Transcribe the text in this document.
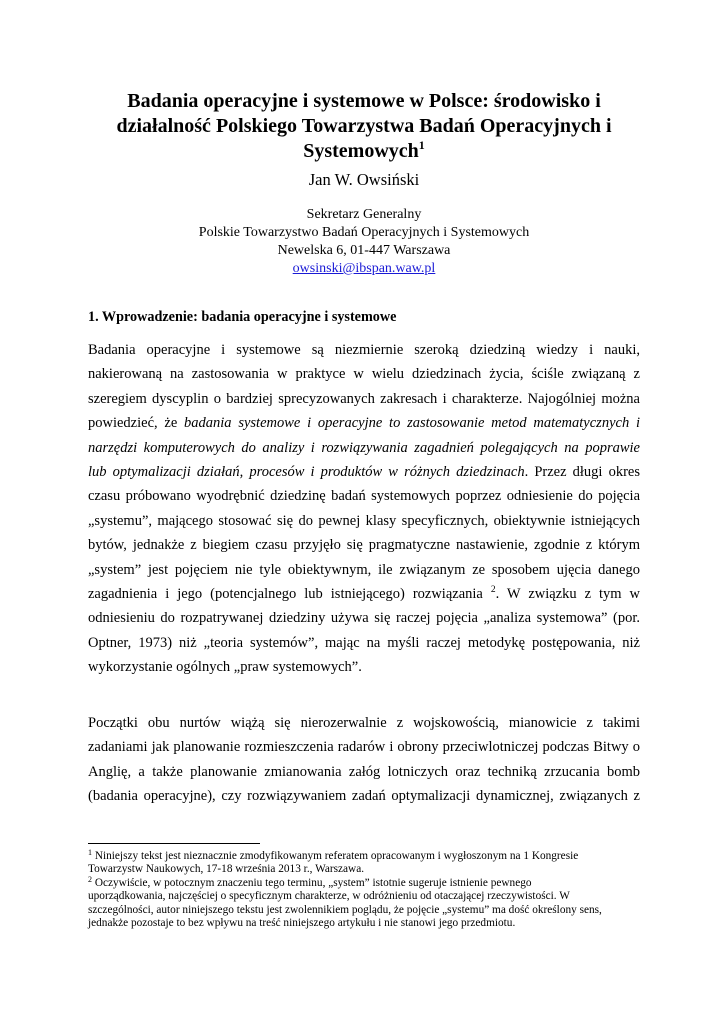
Badania operacyjne i systemowe w Polsce: środowisko i
działalność Polskiego Towarzystwa Badań Operacyjnych i
Systemowych$^1$
Jan W. Owsiński
Sekretarz Generalny
Polskie Towarzystwo Badań Operacyjnych i Systemowych
Newelska 6, 01-447 Warszawa
owsinski@ibspan.waw.pl
1. Wprowadzenie: badania operacyjne i systemowe
Badania operacyjne i systemowe są niezmiernie szeroką dziedziną wiedzy i nauki,
nakierowaną na zastosowania w praktyce w wielu dziedzinach życia, ściśle związaną z
szeregiem dyscyplin o bardziej sprecyzowanych zakresach i charakterze. Najogólniej można
powiedzieć, że badania systemowe i operacyjne to zastosowanie metod matematycznych i
narzędzi komputerowych do analizy i rozwiązywania zagadnień polegających na poprawie
lub optymalizacji działań, procesów i produktów w różnych dziedzinach. Przez długi okres
czasu próbowano wyodrębnić dziedzinę badań systemowych poprzez odniesienie do pojęcia
„systemu”, mającego stosować się do pewnej klasy specyficznych, obiektywnie istniejących
bytów, jednakże z biegiem czasu przyjęło się pragmatyczne nastawienie, zgodnie z którym
„system” jest pojęciem nie tyle obiektywnym, ile związanym ze sposobem ujęcia danego
zagadnienia i jego (potencjalnego lub istniejącego) rozwiązania $^2$. W związku z tym w
odniesieniu do rozpatrywanej dziedziny używa się raczej pojęcia „analiza systemowa” (por.
Optner, 1973) niż „teoria systemów”, mając na myśli raczej metodykę postępowania, niż
wykorzystanie ogólnych „praw systemowych”.
Początki obu nurtów wiążą się nierozerwalnie z wojskowością, mianowicie z takimi
zadaniami jak planowanie rozmieszczenia radarów i obrony przeciwlotniczej podczas Bitwy o
Anglię, a także planowanie zmianowania załóg lotniczych oraz techniką zrzucania bomb
(badania operacyjne), czy rozwiązywaniem zadań optymalizacji dynamicznej, związanych z
$^1$ Niniejszy tekst jest nieznacznie zmodyfikowanym referatem opracowanym i wygłoszonym na 1 Kongresie
Towarzystw Naukowych, 17-18 września 2013 r., Warszawa.
$^2$ Oczywiście, w potocznym znaczeniu tego terminu, „system” istotnie sugeruje istnienie pewnego
uporządkowania, najczęściej o specyficznym charakterze, w odróżnieniu od otaczającej rzeczywistości. W
szczególności, autor niniejszego tekstu jest zwolennikiem poglądu, że pojęcie „systemu” ma dość określony sens,
jednakże pozostaje to bez wpływu na treść niniejszego artykułu i nie stanowi jego przedmiotu.
